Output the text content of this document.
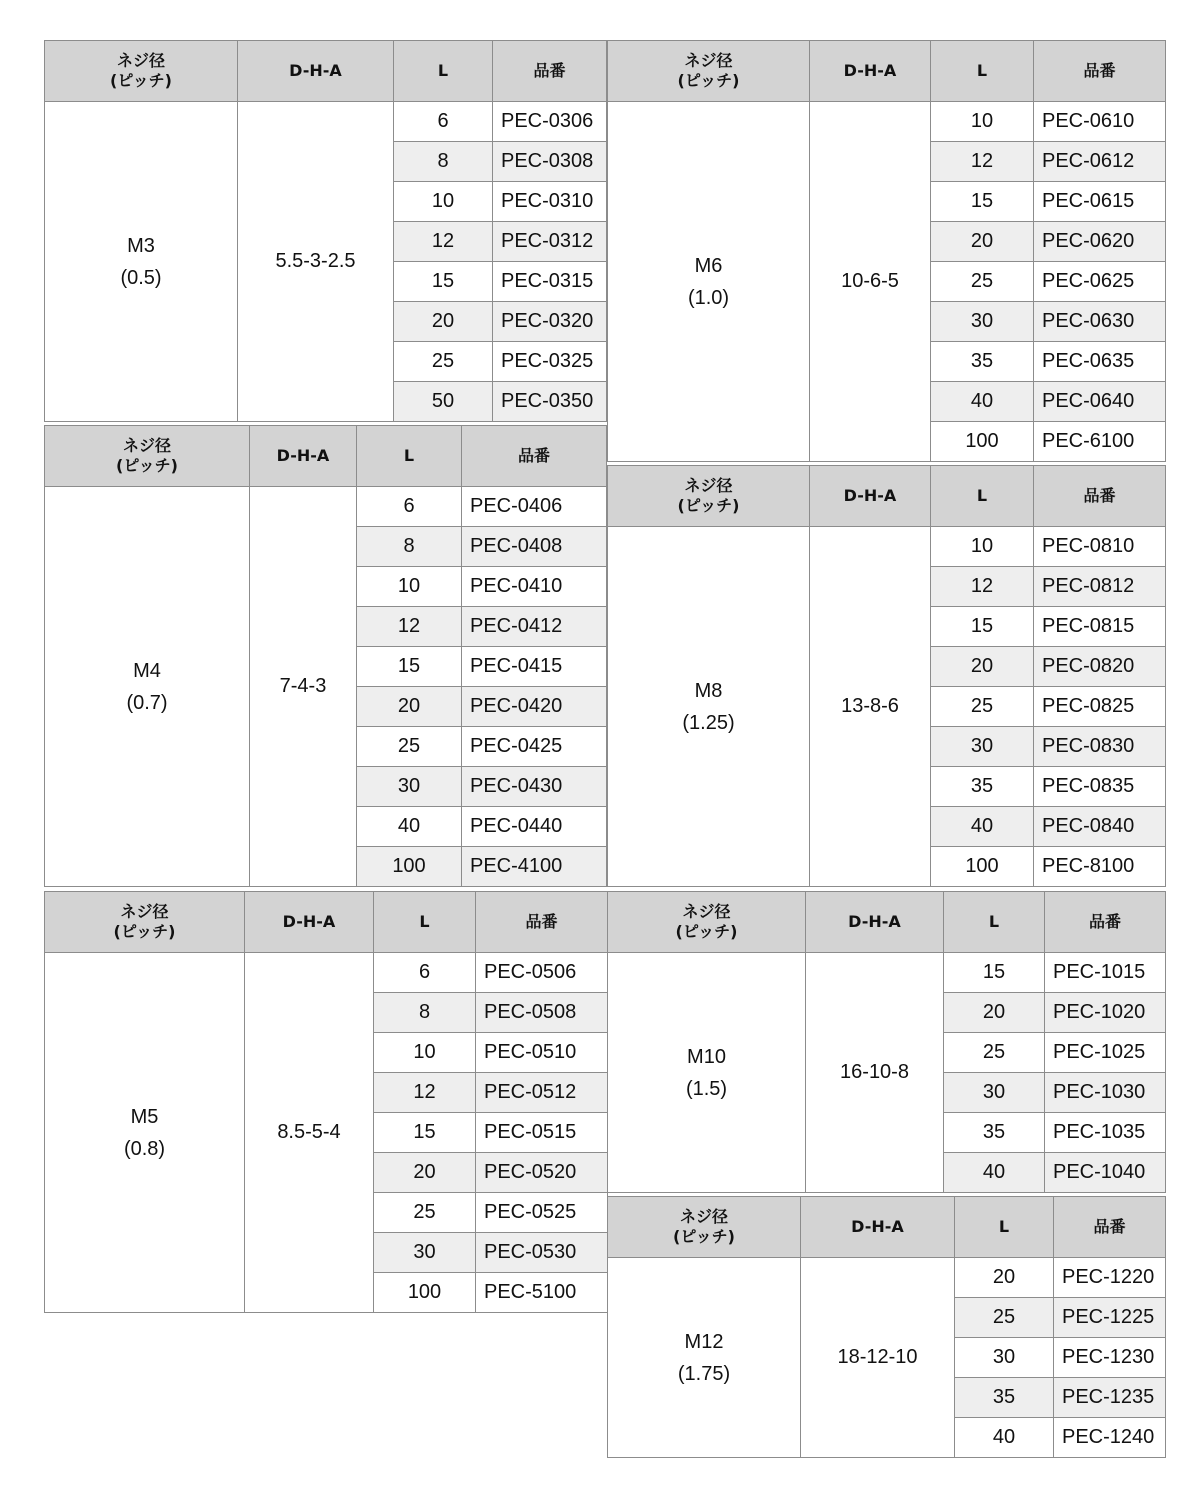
ネジ径
(ピッチ)	D-H-A	L	品番

M3
(0.5)	5.5-3-2.5	6	PEC-0306
		8	PEC-0308
		10	PEC-0310
		12	PEC-0312
		15	PEC-0315
		20	PEC-0320
		25	PEC-0325
		50	PEC-0350
ネジ径
(ピッチ)	D-H-A	L	品番

M4
(0.7)	7-4-3	6	PEC-0406
		8	PEC-0408
		10	PEC-0410
		12	PEC-0412
		15	PEC-0415
		20	PEC-0420
		25	PEC-0425
		30	PEC-0430
		40	PEC-0440
		100	PEC-4100
ネジ径
(ピッチ)	D-H-A	L	品番

M5
(0.8)	8.5-5-4	6	PEC-0506
		8	PEC-0508
		10	PEC-0510
		12	PEC-0512
		15	PEC-0515
		20	PEC-0520
		25	PEC-0525
		30	PEC-0530
		100	PEC-5100
ネジ径
(ピッチ)	D-H-A	L	品番

M6
(1.0)	10-6-5	10	PEC-0610
		12	PEC-0612
		15	PEC-0615
		20	PEC-0620
		25	PEC-0625
		30	PEC-0630
		35	PEC-0635
		40	PEC-0640
		100	PEC-6100
ネジ径
(ピッチ)	D-H-A	L	品番

M8
(1.25)	13-8-6	10	PEC-0810
		12	PEC-0812
		15	PEC-0815
		20	PEC-0820
		25	PEC-0825
		30	PEC-0830
		35	PEC-0835
		40	PEC-0840
		100	PEC-8100
ネジ径
(ピッチ)	D-H-A	L	品番

M10
(1.5)	16-10-8	15	PEC-1015
		20	PEC-1020
		25	PEC-1025
		30	PEC-1030
		35	PEC-1035
		40	PEC-1040
ネジ径
(ピッチ)	D-H-A	L	品番

M12
(1.75)	18-12-10	20	PEC-1220
		25	PEC-1225
		30	PEC-1230
		35	PEC-1235
		40	PEC-1240
